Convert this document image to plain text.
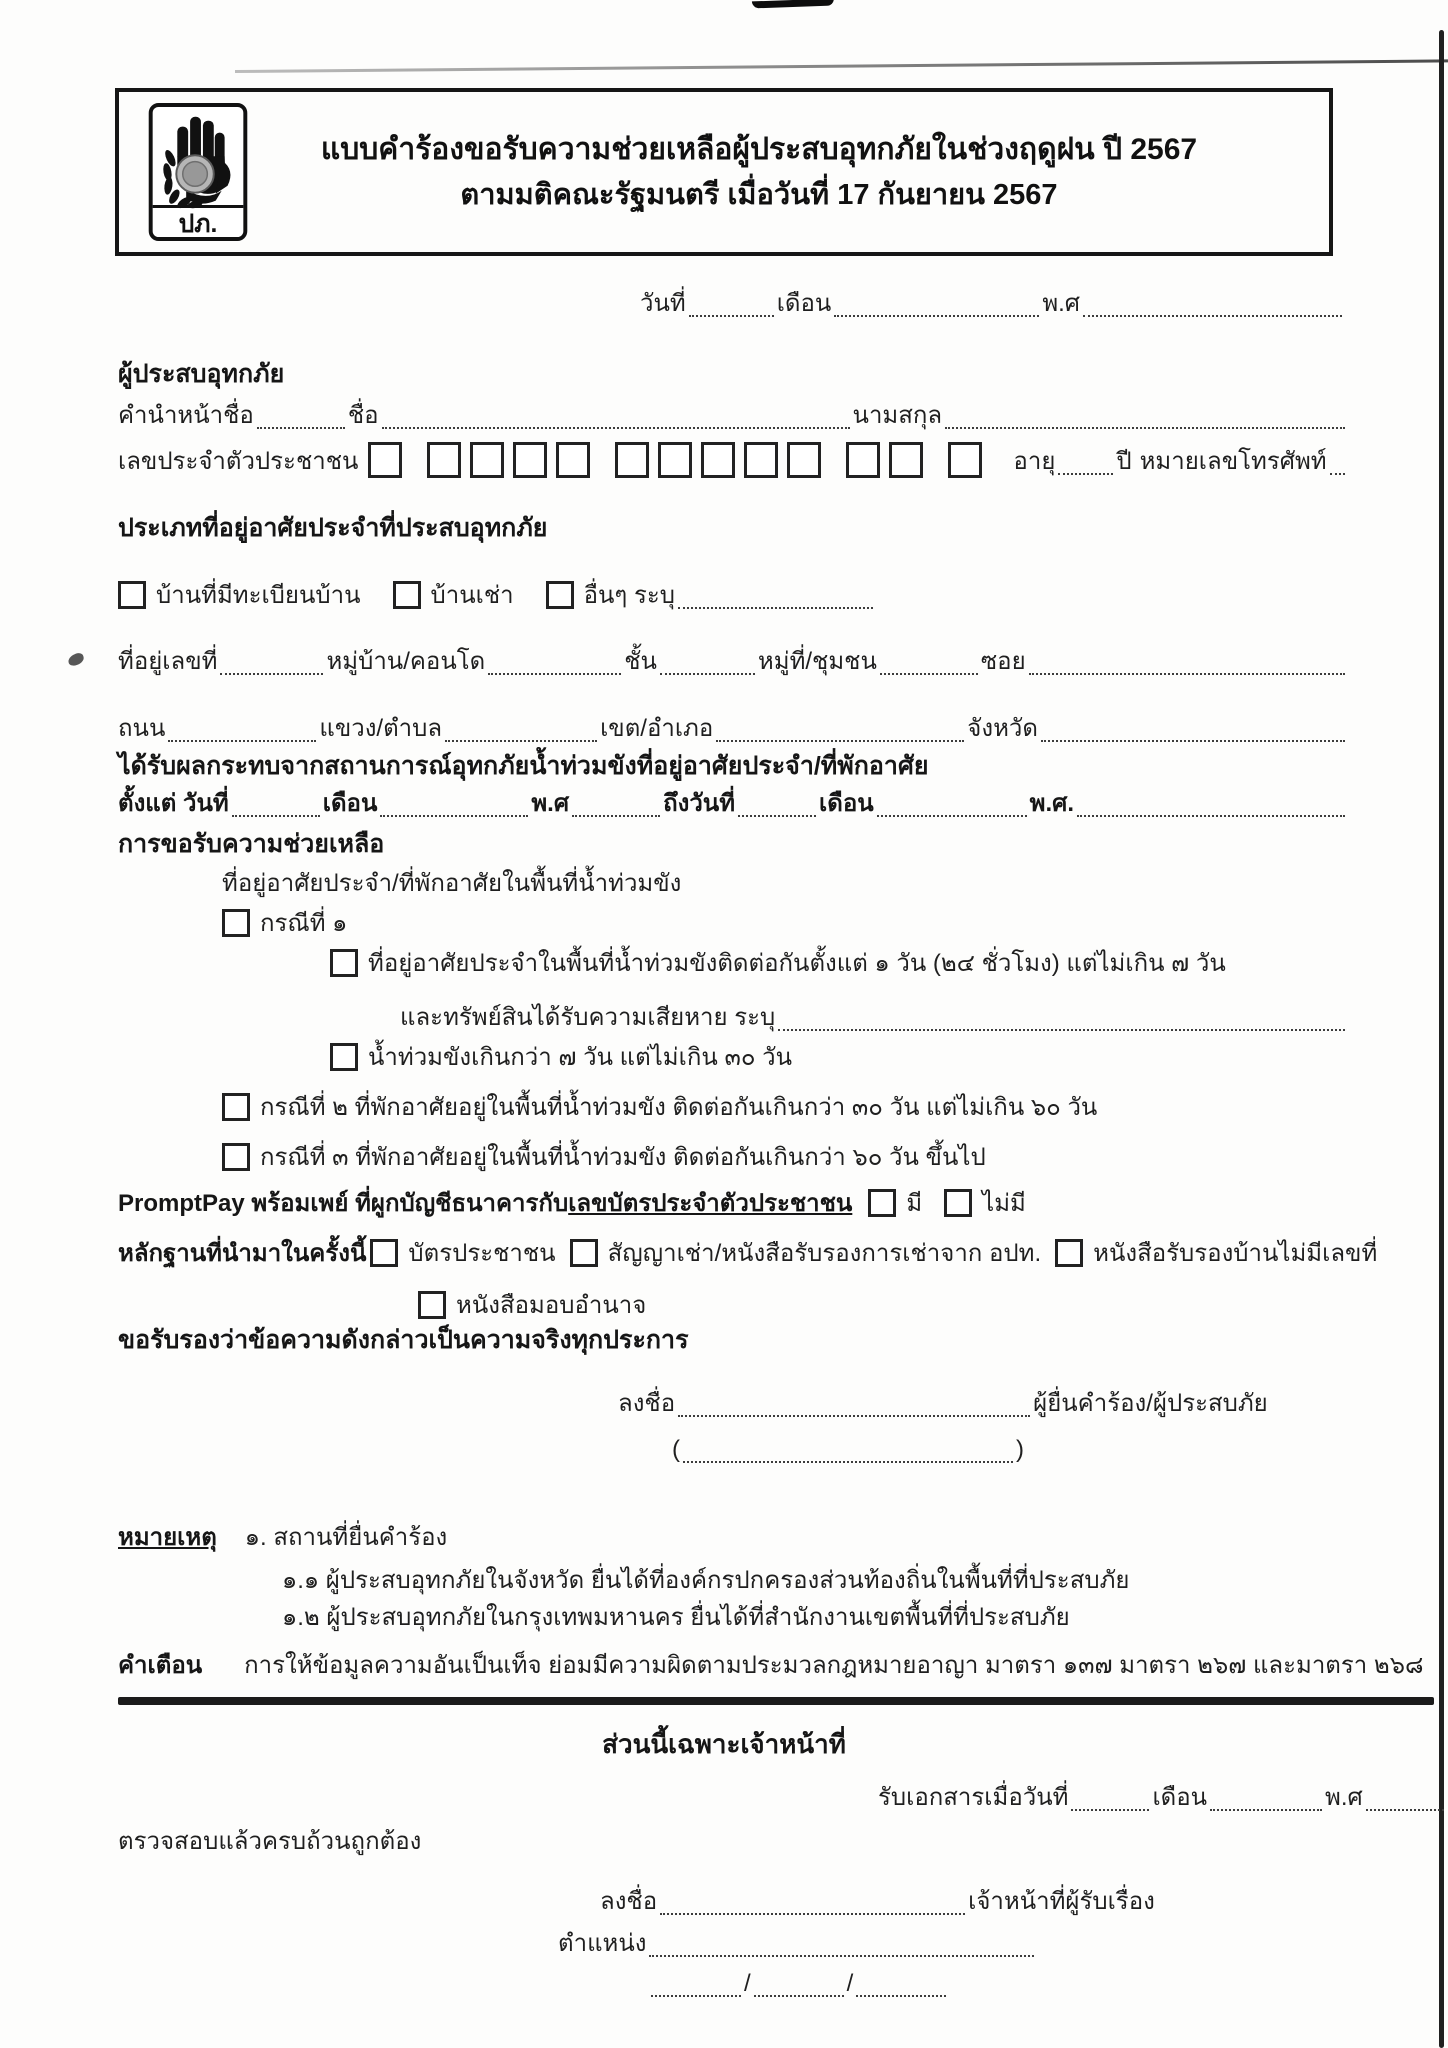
ปภ.
แบบคำร้องขอรับความช่วยเหลือผู้ประสบอุทกภัยในช่วงฤดูฝน ปี 2567
ตามมติคณะรัฐมนตรี เมื่อวันที่ 17 กันยายน 2567
วันที่	เดือน	พ.ศ
ผู้ประสบอุทกภัย
คำนำหน้าชื่อ	ชื่อ	นามสกุล
เลขประจำตัวประชาชน	อายุ	ปี หมายเลขโทรศัพท์
ประเภทที่อยู่อาศัยประจำที่ประสบอุทกภัย
บ้านที่มีทะเบียนบ้าน	บ้านเช่า	อื่นๆ ระบุ
ที่อยู่เลขที่	หมู่บ้าน/คอนโด	ชั้น	หมู่ที่/ชุมชน	ซอย
ถนน	แขวง/ตำบล	เขต/อำเภอ	จังหวัด
ได้รับผลกระทบจากสถานการณ์อุทกภัยน้ำท่วมขังที่อยู่อาศัยประจำ/ที่พักอาศัย
ตั้งแต่ วันที่	เดือน	พ.ศ	ถึงวันที่	เดือน	พ.ศ.
การขอรับความช่วยเหลือ
ที่อยู่อาศัยประจำ/ที่พักอาศัยในพื้นที่น้ำท่วมขัง
กรณีที่ ๑
ที่อยู่อาศัยประจำในพื้นที่น้ำท่วมขังติดต่อกันตั้งแต่ ๑ วัน (๒๔ ชั่วโมง) แต่ไม่เกิน ๗ วัน
และทรัพย์สินได้รับความเสียหาย ระบุ
น้ำท่วมขังเกินกว่า ๗ วัน แต่ไม่เกิน ๓๐ วัน
กรณีที่ ๒ ที่พักอาศัยอยู่ในพื้นที่น้ำท่วมขัง ติดต่อกันเกินกว่า ๓๐ วัน แต่ไม่เกิน ๖๐ วัน
กรณีที่ ๓ ที่พักอาศัยอยู่ในพื้นที่น้ำท่วมขัง ติดต่อกันเกินกว่า ๖๐ วัน ขึ้นไป
PromptPay พร้อมเพย์ ที่ผูกบัญชีธนาคารกับ เลขบัตรประจำตัวประชาชน มี	ไม่มี
หลักฐานที่นำมาในครั้งนี้ บัตรประชาชน สัญญาเช่า/หนังสือรับรองการเช่าจาก อปท. หนังสือรับรองบ้านไม่มีเลขที่
หนังสือมอบอำนาจ
ขอรับรองว่าข้อความดังกล่าวเป็นความจริงทุกประการ
ลงชื่อ	ผู้ยื่นคำร้อง/ผู้ประสบภัย
(	)
หมายเหตุ ๑. สถานที่ยื่นคำร้อง
๑.๑ ผู้ประสบอุทกภัยในจังหวัด ยื่นได้ที่องค์กรปกครองส่วนท้องถิ่นในพื้นที่ที่ประสบภัย
๑.๒ ผู้ประสบอุทกภัยในกรุงเทพมหานคร ยื่นได้ที่สำนักงานเขตพื้นที่ที่ประสบภัย
คำเตือน การให้ข้อมูลความอันเป็นเท็จ ย่อมมีความผิดตามประมวลกฎหมายอาญา มาตรา ๑๓๗ มาตรา ๒๖๗ และมาตรา ๒๖๘
ส่วนนี้เฉพาะเจ้าหน้าที่
รับเอกสารเมื่อวันที่	เดือน	พ.ศ
ตรวจสอบแล้วครบถ้วนถูกต้อง
ลงชื่อ	เจ้าหน้าที่ผู้รับเรื่อง
ตำแหน่ง
/	/
